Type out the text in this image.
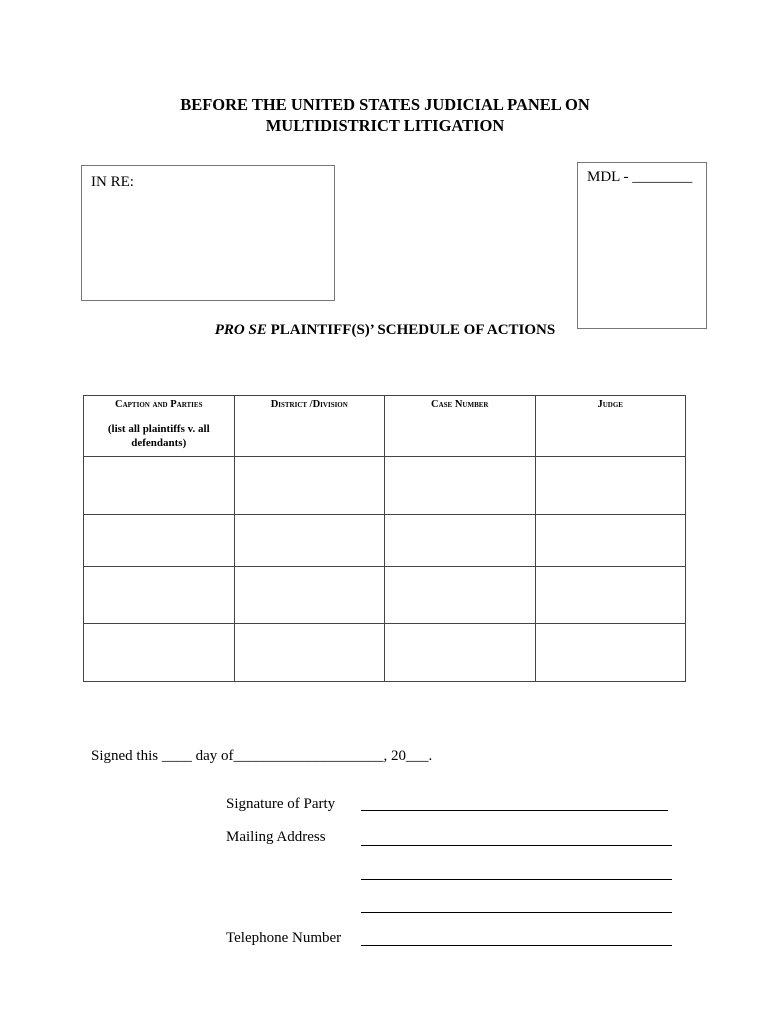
BEFORE THE UNITED STATES JUDICIAL PANEL ON
MULTIDISTRICT LITIGATION
IN RE:	MDL - ________
PRO SE PLAINTIFF(S)’ SCHEDULE OF ACTIONS
Caption and Parties
(list all plaintiffs v. all defendants)	District /Division	Case Number	Judge

Signed this ____ day of____________________, 20___.
Signature of Party
Mailing Address
Telephone Number
